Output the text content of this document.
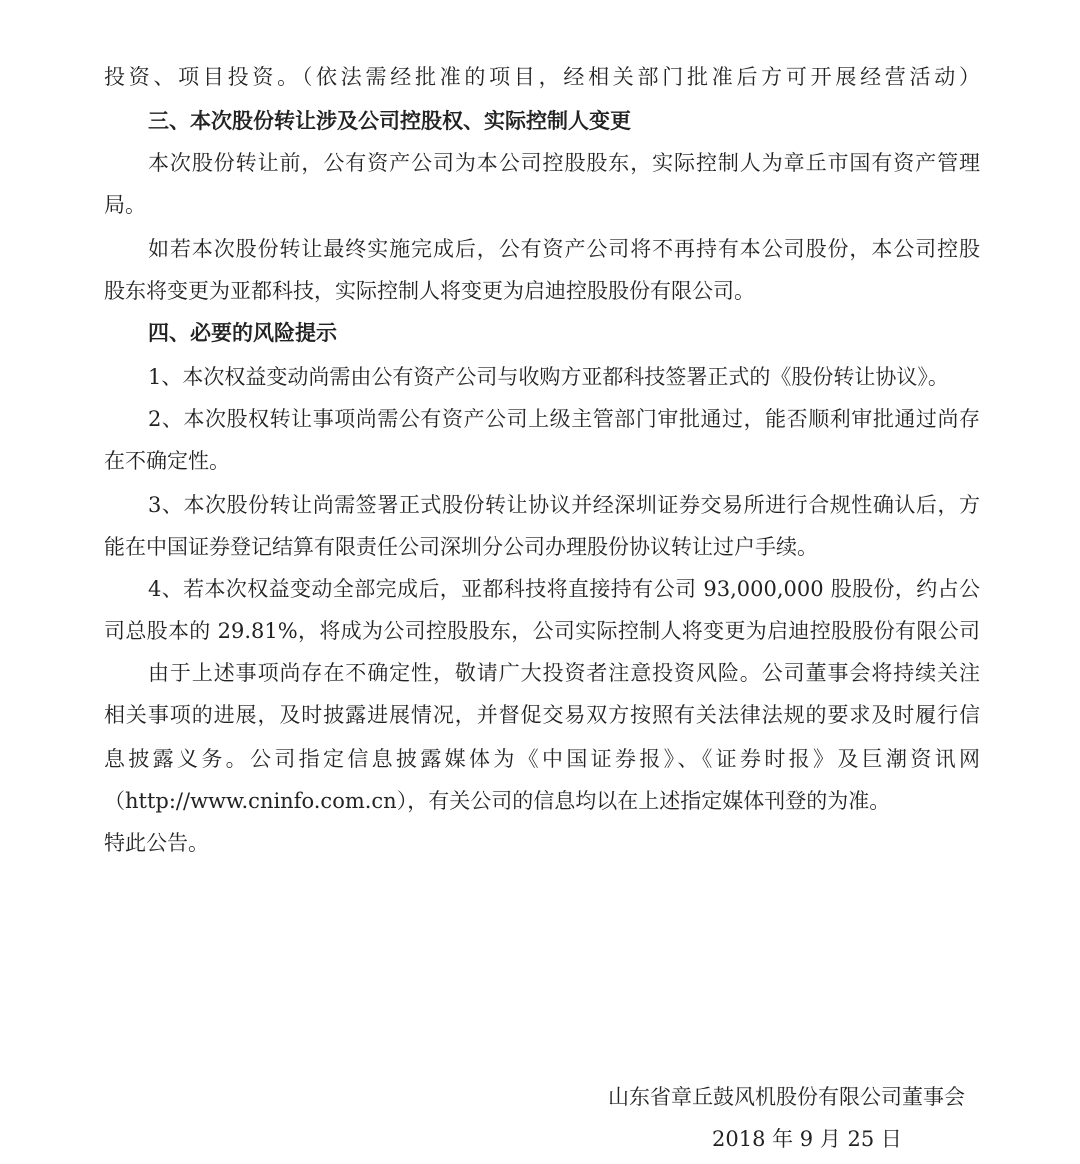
投资、项目投资。（依法需经批准的项目，经相关部门批准后方可开展经营活动）
三、本次股份转让涉及公司控股权、实际控制人变更
本次股份转让前，公有资产公司为本公司控股股东，实际控制人为章丘市国有资产管理
局。
如若本次股份转让最终实施完成后，公有资产公司将不再持有本公司股份，本公司控股
股东将变更为亚都科技，实际控制人将变更为启迪控股股份有限公司。
四、必要的风险提示
1、本次权益变动尚需由公有资产公司与收购方亚都科技签署正式的《股份转让协议》。
2、本次股权转让事项尚需公有资产公司上级主管部门审批通过，能否顺利审批通过尚存
在不确定性。
3、本次股份转让尚需签署正式股份转让协议并经深圳证券交易所进行合规性确认后，方
能在中国证券登记结算有限责任公司深圳分公司办理股份协议转让过户手续。
4、若本次权益变动全部完成后，亚都科技将直接持有公司 93,000,000 股股份，约占公
司总股本的 29.81%，将成为公司控股股东，公司实际控制人将变更为启迪控股股份有限公司
由于上述事项尚存在不确定性，敬请广大投资者注意投资风险。公司董事会将持续关注
相关事项的进展，及时披露进展情况，并督促交易双方按照有关法律法规的要求及时履行信
息披露义务。公司指定信息披露媒体为《中国证券报》、《证券时报》及巨潮资讯网
（http://www.cninfo.com.cn），有关公司的信息均以在上述指定媒体刊登的为准。
特此公告。
山东省章丘鼓风机股份有限公司董事会
2018 年 9 月 25 日
